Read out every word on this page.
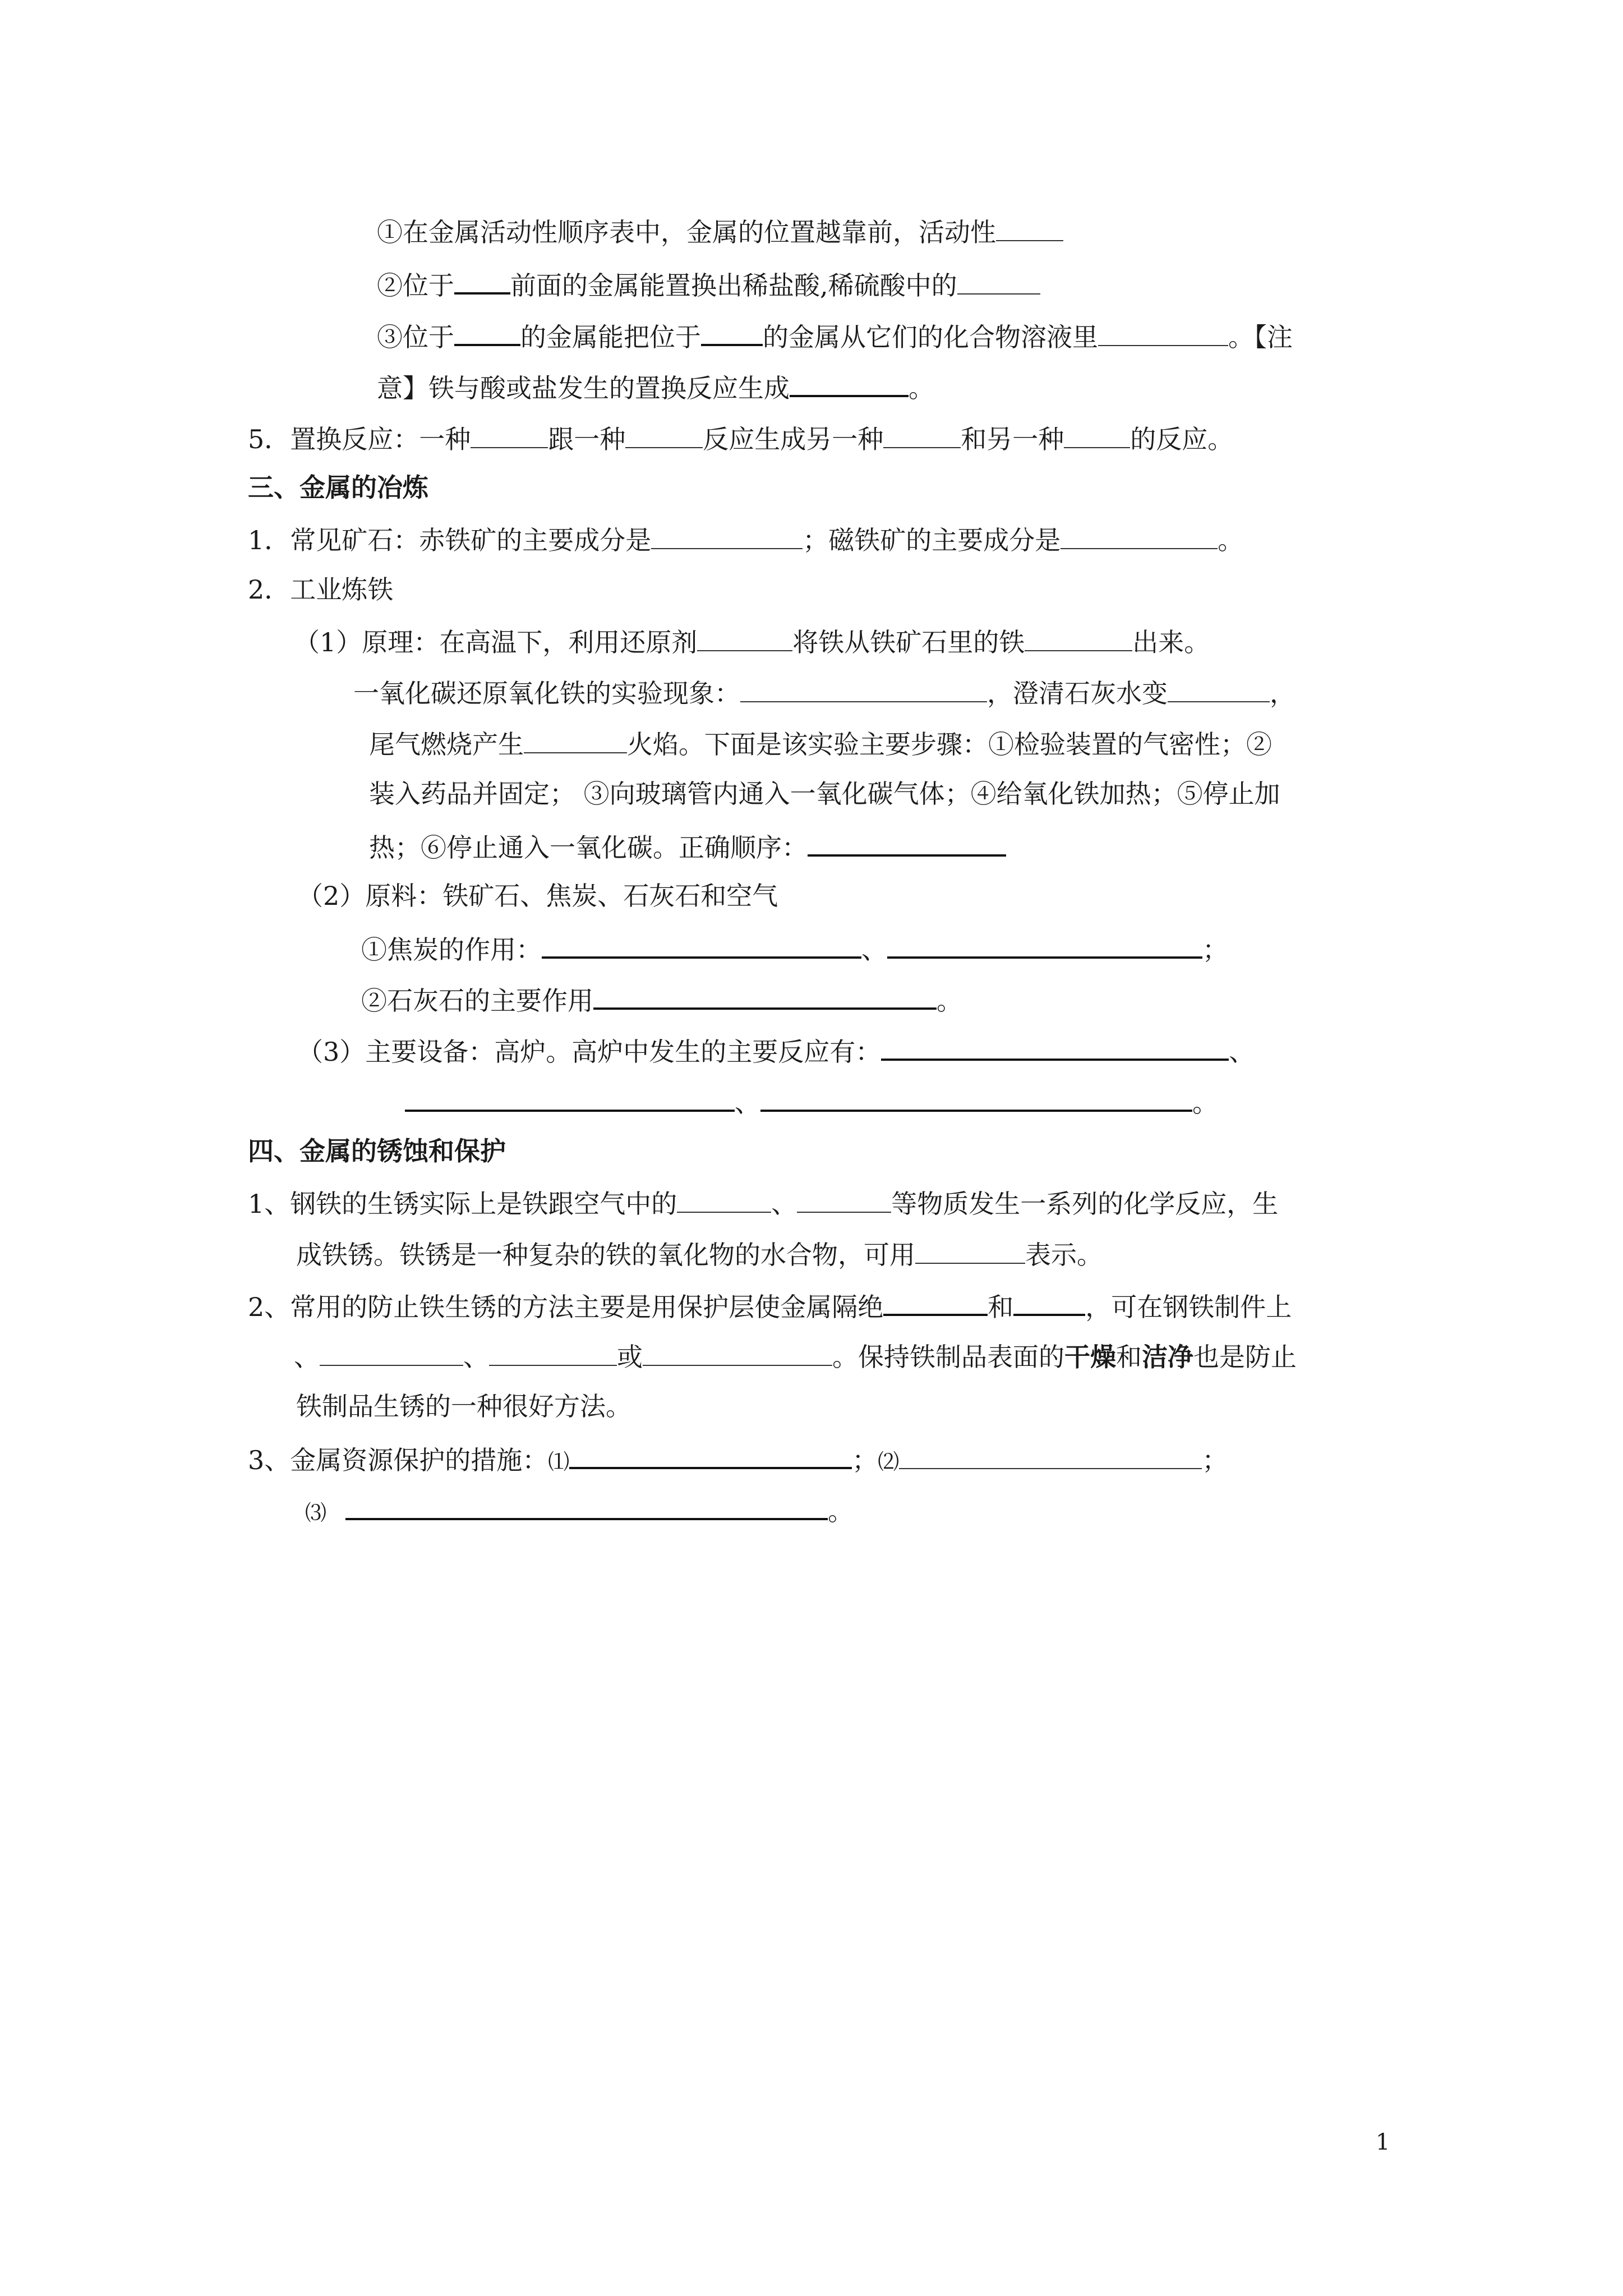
①在金属活动性顺序表中，金属的位置越靠前，活动性
②位于 前面的金属能置换出稀盐酸,稀硫酸中的
③位于	的金属能把位于 的金属从它们的化合物溶液里	。【注
意】铁与酸或盐发生的置换反应生成	。
5．置换反应：一种	跟一种	反应生成另一种	和另一种	的反应。
三、金属的冶炼
1．常见矿石：赤铁矿的主要成分是	；磁铁矿的主要成分是	。
2．工业炼铁
（1）原理：在高温下，利用还原剂	将铁从铁矿石里的铁	出来。
一氧化碳还原氧化铁的实验现象：	，澄清石灰水变	，
尾气燃烧产生	火焰。下面是该实验主要步骤：①检验装置的气密性；②
装入药品并固定； ③向玻璃管内通入一氧化碳气体；④给氧化铁加热；⑤停止加
热；⑥停止通入一氧化碳。正确顺序：
（2）原料：铁矿石、焦炭、石灰石和空气
①焦炭的作用：	、	；
②石灰石的主要作用	。
（3）主要设备：高炉。高炉中发生的主要反应有：	、
、	。
四、金属的锈蚀和保护
1、钢铁的生锈实际上是铁跟空气中的	、	等物质发生一系列的化学反应，生
成铁锈。铁锈是一种复杂的铁的氧化物的水合物，可用	表示。
2、常用的防止铁生锈的方法主要是用保护层使金属隔绝	和	，可在钢铁制件上
、	、	或	。保持铁制品表面的干燥和洁净也是防止
铁制品生锈的一种很好方法。
3、金属资源保护的措施：⑴	；⑵	；
⑶	。
1
